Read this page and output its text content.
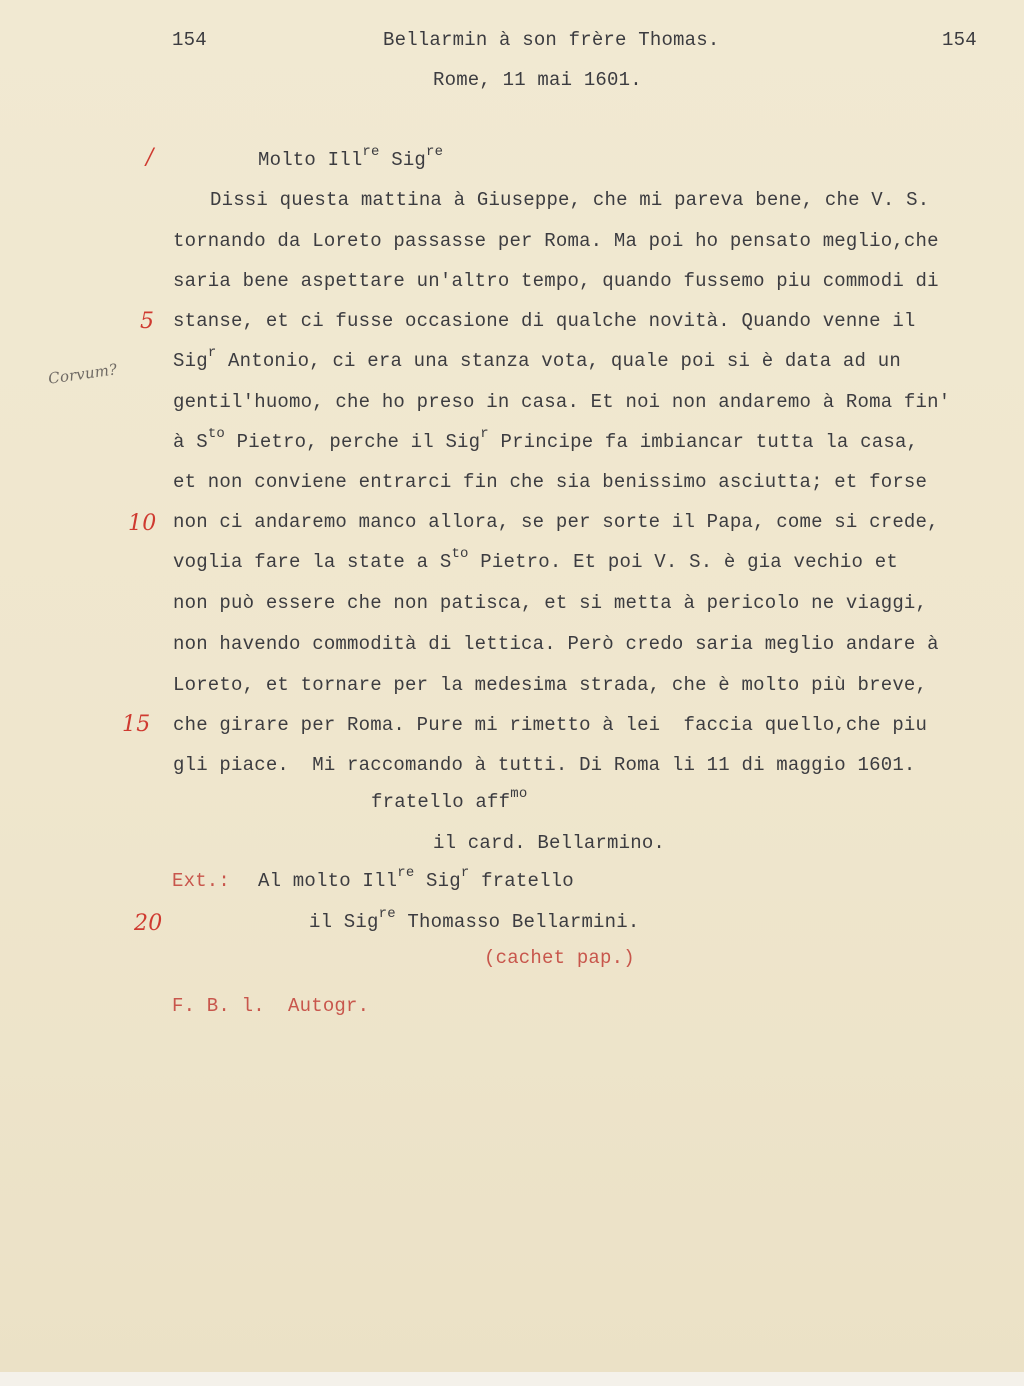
154	Bellarmin à son frère Thomas.	154
Rome, 11 mai 1601.
/
5
Corvum?
10
15
20
Molto Ill$^{re}$ Sig$^{re}$
Dissi questa mattina à Giuseppe, che mi pareva bene, che V. S.
tornando da Loreto passasse per Roma. Ma poi ho pensato meglio,che
saria bene aspettare un'altro tempo, quando fussemo piu commodi di
stanse, et ci fusse occasione di qualche novità. Quando venne il
Sig$^r$ Antonio, ci era una stanza vota, quale poi si è data ad un
gentil'huomo, che ho preso in casa. Et noi non andaremo à Roma fin'
à $S^{to}$ Pietro, perche il Sig$^r$ Principe fa imbiancar tutta la casa,
et non conviene entrarci fin che sia benissimo asciutta; et forse
non ci andaremo manco allora, se per sorte il Papa, come si crede,
voglia fare la state a $S^{to}$ Pietro. Et poi V. S. è gia vechio et
non può essere che non patisca, et si metta à pericolo ne viaggi,
non havendo commodità di lettica. Però credo saria meglio andare à
Loreto, et tornare per la medesima strada, che è molto più breve,
che girare per Roma. Pure mi rimetto à lei  faccia quello,che piu
gli piace.  Mi raccomando à tutti. Di Roma li 11 di maggio 1601.
fratello aff$^{mo}$
il card. Bellarmino.
Ext.: Al molto Ill$^{re}$ Sig$^r$ fratello
il Sig$^{re}$ Thomasso Bellarmini.
(cachet pap.)
F. B. l.  Autogr.
